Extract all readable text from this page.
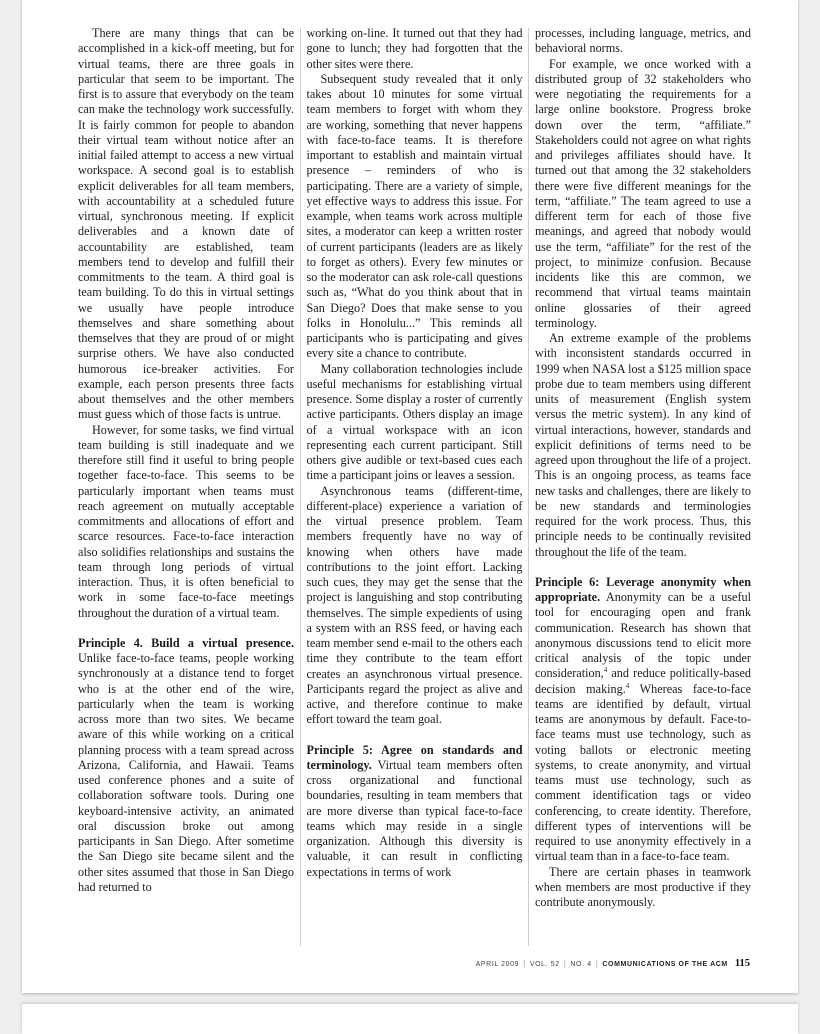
There are many things that can be accomplished in a kick-off meeting, but for virtual teams, there are three goals in particular that seem to be important. The first is to assure that everybody on the team can make the technology work successfully. It is fairly common for people to abandon their virtual team without notice after an initial failed attempt to access a new virtual workspace. A second goal is to establish explicit deliverables for all team members, with accountability at a scheduled future virtual, synchronous meeting. If explicit deliverables and a known date of accountability are established, team members tend to develop and fulfill their commitments to the team. A third goal is team building. To do this in virtual settings we usually have people introduce themselves and share something about themselves that they are proud of or might surprise others. We have also conducted humorous ice-breaker activities. For example, each person presents three facts about themselves and the other members must guess which of those facts is untrue.

However, for some tasks, we find virtual team building is still inadequate and we therefore still find it useful to bring people together face-to-face. This seems to be particularly important when teams must reach agreement on mutually acceptable commitments and allocations of effort and scarce resources. Face-to-face interaction also solidifies relationships and sustains the team through long periods of virtual interaction. Thus, it is often beneficial to work in some face-to-face meetings throughout the duration of a virtual team.

Principle 4. Build a virtual presence. Unlike face-to-face teams, people working synchronously at a distance tend to forget who is at the other end of the wire, particularly when the team is working across more than two sites. We became aware of this while working on a critical planning process with a team spread across Arizona, California, and Hawaii. Teams used conference phones and a suite of collaboration software tools. During one keyboard-intensive activity, an animated oral discussion broke out among participants in San Diego. After sometime the San Diego site became silent and the other sites assumed that those in San Diego had returned to

working on-line. It turned out that they had gone to lunch; they had forgotten that the other sites were there.

Subsequent study revealed that it only takes about 10 minutes for some virtual team members to forget with whom they are working, something that never happens with face-to-face teams. It is therefore important to establish and maintain virtual presence – reminders of who is participating. There are a variety of simple, yet effective ways to address this issue. For example, when teams work across multiple sites, a moderator can keep a written roster of current participants (leaders are as likely to forget as others). Every few minutes or so the moderator can ask role-call questions such as, “What do you think about that in San Diego? Does that make sense to you folks in Honolulu...” This reminds all participants who is participating and gives every site a chance to contribute.

Many collaboration technologies include useful mechanisms for establishing virtual presence. Some display a roster of currently active participants. Others display an image of a virtual workspace with an icon representing each current participant. Still others give audible or text-based cues each time a participant joins or leaves a session.

Asynchronous teams (different-time, different-place) experience a variation of the virtual presence problem. Team members frequently have no way of knowing when others have made contributions to the joint effort. Lacking such cues, they may get the sense that the project is languishing and stop contributing themselves. The simple expedients of using a system with an RSS feed, or having each team member send e-mail to the others each time they contribute to the team effort creates an asynchronous virtual presence. Participants regard the project as alive and active, and therefore continue to make effort toward the team goal.

Principle 5: Agree on standards and terminology. Virtual team members often cross organizational and functional boundaries, resulting in team members that are more diverse than typical face-to-face teams which may reside in a single organization. Although this diversity is valuable, it can result in conflicting expectations in terms of work

processes, including language, metrics, and behavioral norms.

For example, we once worked with a distributed group of 32 stakeholders who were negotiating the requirements for a large online bookstore. Progress broke down over the term, “affiliate.” Stakeholders could not agree on what rights and privileges affiliates should have. It turned out that among the 32 stakeholders there were five different meanings for the term, “affiliate.” The team agreed to use a different term for each of those five meanings, and agreed that nobody would use the term, “affiliate” for the rest of the project, to minimize confusion. Because incidents like this are common, we recommend that virtual teams maintain online glossaries of their agreed terminology.

An extreme example of the problems with inconsistent standards occurred in 1999 when NASA lost a $125 million space probe due to team members using different units of measurement (English system versus the metric system). In any kind of virtual interactions, however, standards and explicit definitions of terms need to be agreed upon throughout the life of a project. This is an ongoing process, as teams face new tasks and challenges, there are likely to be new standards and terminologies required for the work process. Thus, this principle needs to be continually revisited throughout the life of the team.

Principle 6: Leverage anonymity when appropriate. Anonymity can be a useful tool for encouraging open and frank communication. Research has shown that anonymous discussions tend to elicit more critical analysis of the topic under consideration,$^4$ and reduce politically-based decision making.$^4$ Whereas face-to-face teams are identified by default, virtual teams are anonymous by default. Face-to-face teams must use technology, such as voting ballots or electronic meeting systems, to create anonymity, and virtual teams must use technology, such as comment identification tags or video conferencing, to create identity. Therefore, different types of interventions will be required to use anonymity effectively in a virtual team than in a face-to-face team.

There are certain phases in teamwork when members are most productive if they contribute anonymously.

APRIL 2009 | VOL. 52 | NO. 4 | COMMUNICATIONS OF THE ACM 115
